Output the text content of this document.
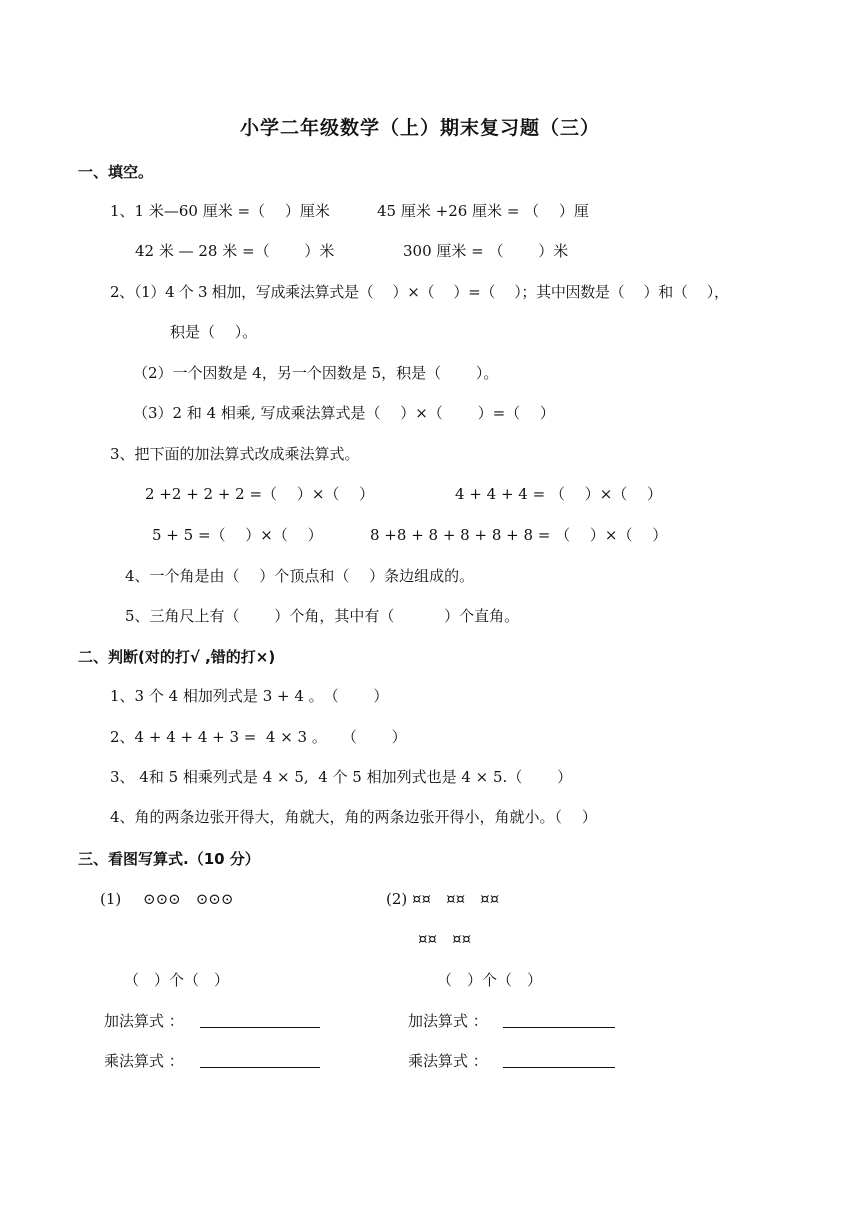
小学二年级数学（上）期末复习题（三）
一、填空。
1、1 米—60 厘米 =（　 ）厘米	45 厘米 +26 厘米 = （　 ）厘
42 米 — 28 米 =（　　 ）米	300 厘米 = （　　 ）米
2、（1）4 个 3 相加，写成乘法算式是（　 ）×（　 ）=（　 ）；其中因数是（　 ）和（　 ），
积是（　 ）。
（2）一个因数是 4，另一个因数是 5，积是（　　 ）。
（3）2 和 4 相乘, 写成乘法算式是（　 ）×（　　 ）=（　 ）
3、把下面的加法算式改成乘法算式。
2 +2 + 2 + 2 =（　 ）×（　 ）	4 + 4 + 4 = （　 ）×（　 ）
5 + 5 =（　 ）×（　 ）	8 +8 + 8 + 8 + 8 + 8 = （　 ）×（　 ）
4、一个角是由（　 ）个顶点和（　 ）条边组成的。
5、三角尺上有（　　 ）个角，其中有（　　　 ）个直角。
二、判断(对的打√ ,错的打×)
1、3 个 4 相加列式是 3 + 4 。　（　　 ）
2、4 + 4 + 4 + 3 =  4 × 3 。　　（　　 ）
3、 4和 5 相乘列式是 4 × 5,  4 个 5 相加列式也是 4 × 5.（　　 ）
4、角的两条边张开得大，角就大，角的两条边张开得小，角就小。（　 ）
三、看图写算式.（10 分）
(1) ⊙⊙⊙　⊙⊙⊙	(2) ¤¤　¤¤　¤¤
¤¤　¤¤
（　）个（　）	（　）个（　）
加法算式 ：	加法算式 ：
乘法算式 ：	乘法算式 ：
